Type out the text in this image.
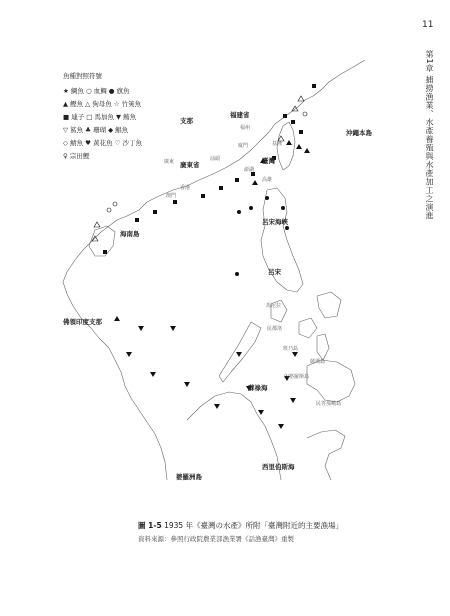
11
第1章 捕撈漁業、水產養殖與水產加工之演進
魚種對照符號
★ 鯛魚 ○ 血鯛 ● 旗魚
▲ 鰹魚 △ 狗母魚 ☆ 竹筴魚
■ 連子 □ 馬加魚 ▼ 鮪魚
▽ 鯊魚 ♣ 珊瑚 ◆ 鯧魚
◇ 鯖魚 ♥ 黃花魚 ♡ 沙丁魚
♀ 宗田鰹
福建省
福州
廈門
汕頭	臺灣
基隆
高雄
澎湖
支那
廣東省
廣東
香港
澳門
海南島
沖繩本島
呂宋海峽
呂宋
馬尼拉
民都洛
班乃島
內格羅斯島
薩瑪島
民答那峨島
蘇祿海
佛領印度支那
婆羅洲島
西里伯斯海
圖 1-5 1935 年《臺灣の水產》所附「臺灣附近的主要漁場」
資料來源：參照行政院農業部漁業署《話漁臺灣》重製
